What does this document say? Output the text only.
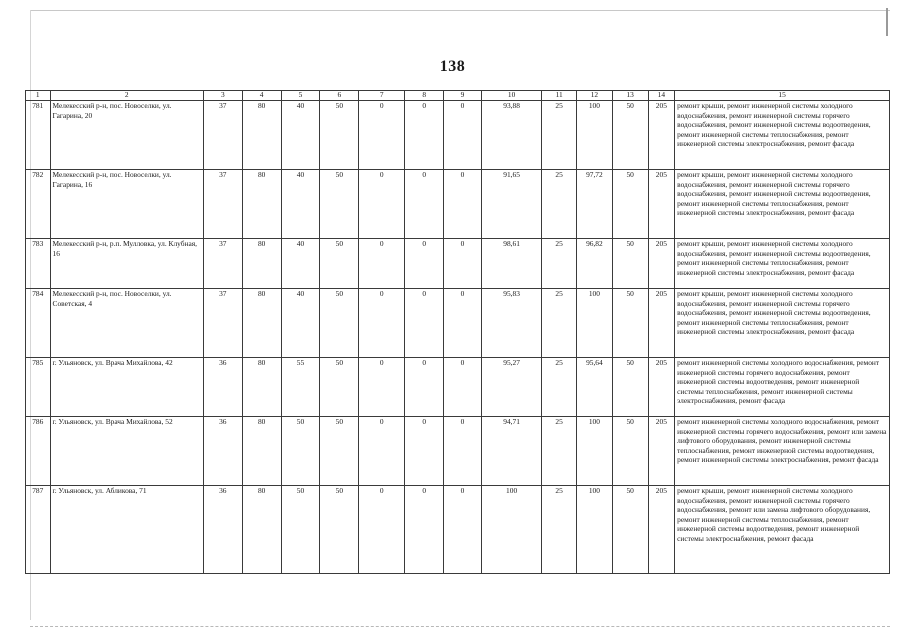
138
1	2	3	4	5	6	7	8	9	10	11	12	13	14	15
781	Мелекесский р-н, пос. Новоселки, ул. Гагарина, 20	37	80	40	50	0	0	0	93,88	25	100	50	205	ремонт крыши, ремонт инженерной системы холодного водоснабжения, ремонт инженерной системы горячего водоснабжения, ремонт инженерной системы водоотведения, ремонт инженерной системы теплоснабжения, ремонт инженерной системы электроснабжения, ремонт фасада
782	Мелекесский р-н, пос. Новоселки, ул. Гагарина, 16	37	80	40	50	0	0	0	91,65	25	97,72	50	205	ремонт крыши, ремонт инженерной системы холодного водоснабжения, ремонт инженерной системы горячего водоснабжения, ремонт инженерной системы водоотведения, ремонт инженерной системы теплоснабжения, ремонт инженерной системы электроснабжения, ремонт фасада
783	Мелекесский р-н, р.п. Мулловка, ул. Клубная, 16	37	80	40	50	0	0	0	98,61	25	96,82	50	205	ремонт крыши, ремонт инженерной системы холодного водоснабжения, ремонт инженерной системы водоотведения, ремонт инженерной системы теплоснабжения, ремонт инженерной системы электроснабжения, ремонт фасада
784	Мелекесский р-н, пос. Новоселки, ул. Советская, 4	37	80	40	50	0	0	0	95,83	25	100	50	205	ремонт крыши, ремонт инженерной системы холодного водоснабжения, ремонт инженерной системы горячего водоснабжения, ремонт инженерной системы водоотведения, ремонт инженерной системы теплоснабжения, ремонт инженерной системы электроснабжения, ремонт фасада
785	г. Ульяновск, ул. Врача Михайлова, 42	36	80	55	50	0	0	0	95,27	25	95,64	50	205	ремонт инженерной системы холодного водоснабжения, ремонт инженерной системы горячего водоснабжения, ремонт инженерной системы водоотведения, ремонт инженерной системы теплоснабжения, ремонт инженерной системы электроснабжения, ремонт фасада
786	г. Ульяновск, ул. Врача Михайлова, 52	36	80	50	50	0	0	0	94,71	25	100	50	205	ремонт инженерной системы холодного водоснабжения, ремонт инженерной системы горячего водоснабжения, ремонт или замена лифтового оборудования, ремонт инженерной системы теплоснабжения, ремонт инженерной системы водоотведения, ремонт инженерной системы электроснабжения, ремонт фасада
787	г. Ульяновск, ул. Абликова, 71	36	80	50	50	0	0	0	100	25	100	50	205	ремонт крыши, ремонт инженерной системы холодного водоснабжения, ремонт инженерной системы горячего водоснабжения, ремонт или замена лифтового оборудования, ремонт инженерной системы теплоснабжения, ремонт инженерной системы водоотведения, ремонт инженерной системы электроснабжения, ремонт фасада
